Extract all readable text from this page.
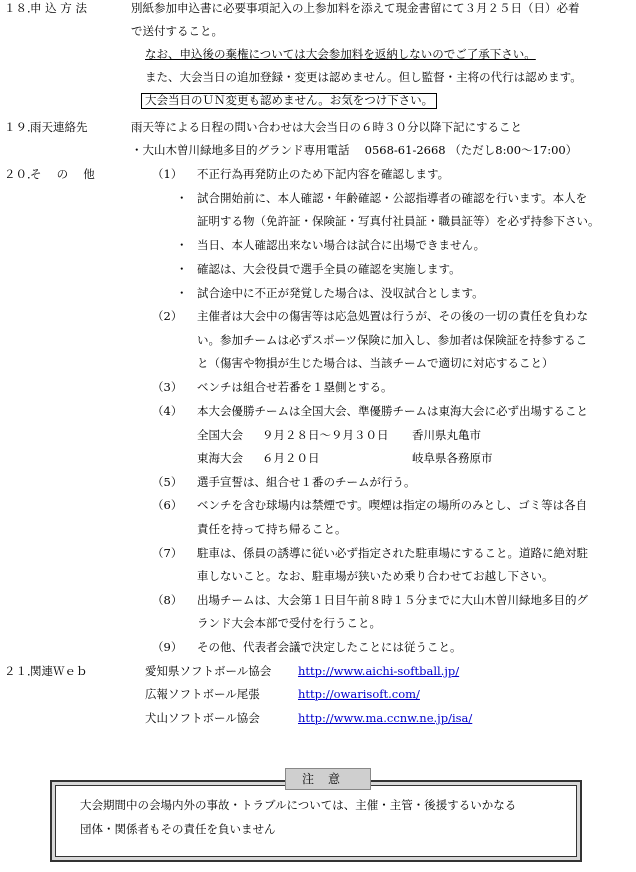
１８．
申 込 方 法	別紙参加申込書に必要事項記入の上参加料を添えて現金書留にて３月２５日（日）必着
で送付すること。
なお、申込後の棄権については大会参加料を返納しないのでご了承下さい。
また、大会当日の追加登録・変更は認めません。但し監督・主将の代行は認めます。
大会当日のＵＮ変更も認めません。お気をつけ下さい。
１９．
雨天連絡先	雨天等による日程の問い合わせは大会当日の６時３０分以降下記にすること
・大山木曽川緑地多目的グランド専用電話　 0568-61-2668 （ただし8:00～17:00）
２０．
そ　 の　 他	（1） 不正行為再発防止のため下記内容を確認します。
・ 試合開始前に、本人確認・年齢確認・公認指導者の確認を行います。本人を
証明する物（免許証・保険証・写真付社員証・職員証等）を必ず持参下さい。
・ 当日、本人確認出来ない場合は試合に出場できません。
・ 確認は、大会役員で選手全員の確認を実施します。
・ 試合途中に不正が発覚した場合は、没収試合とします。
（2） 主催者は大会中の傷害等は応急処置は行うが、その後の一切の責任を負わな
い。参加チームは必ずスポーツ保険に加入し、参加者は保険証を持参するこ
と（傷害や物損が生じた場合は、当該チームで適切に対応すること）
（3） ベンチは組合せ若番を１塁側とする。
（4） 本大会優勝チームは全国大会、準優勝チームは東海大会に必ず出場すること
全国大会 ９月２８日～９月３０日 香川県丸亀市
東海大会 ６月２０日	岐阜県各務原市
（5） 選手宣誓は、組合せ１番のチームが行う。
（6） ベンチを含む球場内は禁煙です。喫煙は指定の場所のみとし、ゴミ等は各自
責任を持って持ち帰ること。
（7） 駐車は、係員の誘導に従い必ず指定された駐車場にすること。道路に絶対駐
車しないこと。なお、駐車場が狭いため乗り合わせてお越し下さい。
（8） 出場チームは、大会第１日目午前８時１５分までに大山木曽川緑地多目的グ
ランド大会本部で受付を行うこと。
（9） その他、代表者会議で決定したことには従うこと。
２１．
関連Ｗｅｂ	愛知県ソフトボール協会 http://www.aichi-softball.jp/
広報ソフトボール尾張	http://owarisoft.com/
犬山ソフトボール協会	http://www.ma.ccnw.ne.jp/isa/
注意
大会期間中の会場内外の事故・トラブルについては、主催・主管・後援するいかなる
団体・関係者もその責任を負いません
